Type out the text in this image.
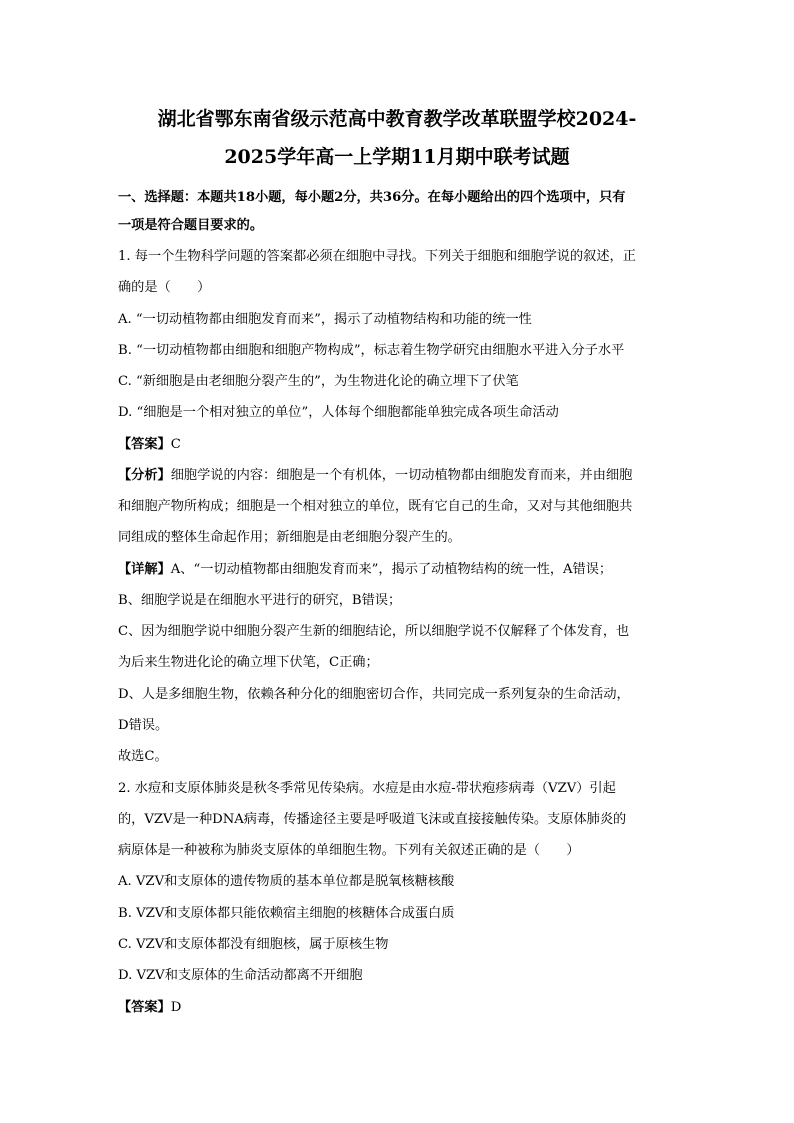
湖北省鄂东南省级示范高中教育教学改革联盟学校2024-
2025学年高一上学期11月期中联考试题
一、选择题：本题共18小题，每小题2分，共36分。在每小题给出的四个选项中，只有
一项是符合题目要求的。
1. 每一个生物科学问题的答案都必须在细胞中寻找。下列关于细胞和细胞学说的叙述，正
确的是（　　）
A. “一切动植物都由细胞发育而来”，揭示了动植物结构和功能的统一性
B. “一切动植物都由细胞和细胞产物构成”，标志着生物学研究由细胞水平进入分子水平
C. “新细胞是由老细胞分裂产生的”，为生物进化论的确立埋下了伏笔
D. “细胞是一个相对独立的单位”，人体每个细胞都能单独完成各项生命活动
【答案】C
【分析】细胞学说的内容：细胞是一个有机体，一切动植物都由细胞发育而来，并由细胞
和细胞产物所构成；细胞是一个相对独立的单位，既有它自己的生命，又对与其他细胞共
同组成的整体生命起作用；新细胞是由老细胞分裂产生的。
【详解】A、“一切动植物都由细胞发育而来”，揭示了动植物结构的统一性，A错误；
B、细胞学说是在细胞水平进行的研究，B错误；
C、因为细胞学说中细胞分裂产生新的细胞结论，所以细胞学说不仅解释了个体发育，也
为后来生物进化论的确立埋下伏笔，C正确；
D、人是多细胞生物，依赖各种分化的细胞密切合作，共同完成一系列复杂的生命活动，
D错误。
故选C。
2. 水痘和支原体肺炎是秋冬季常见传染病。水痘是由水痘-带状疱疹病毒（VZV）引起
的，VZV是一种DNA病毒，传播途径主要是呼吸道飞沫或直接接触传染。支原体肺炎的
病原体是一种被称为肺炎支原体的单细胞生物。下列有关叙述正确的是（　　）
A. VZV和支原体的遗传物质的基本单位都是脱氧核糖核酸
B. VZV和支原体都只能依赖宿主细胞的核糖体合成蛋白质
C. VZV和支原体都没有细胞核，属于原核生物
D. VZV和支原体的生命活动都离不开细胞
【答案】D
